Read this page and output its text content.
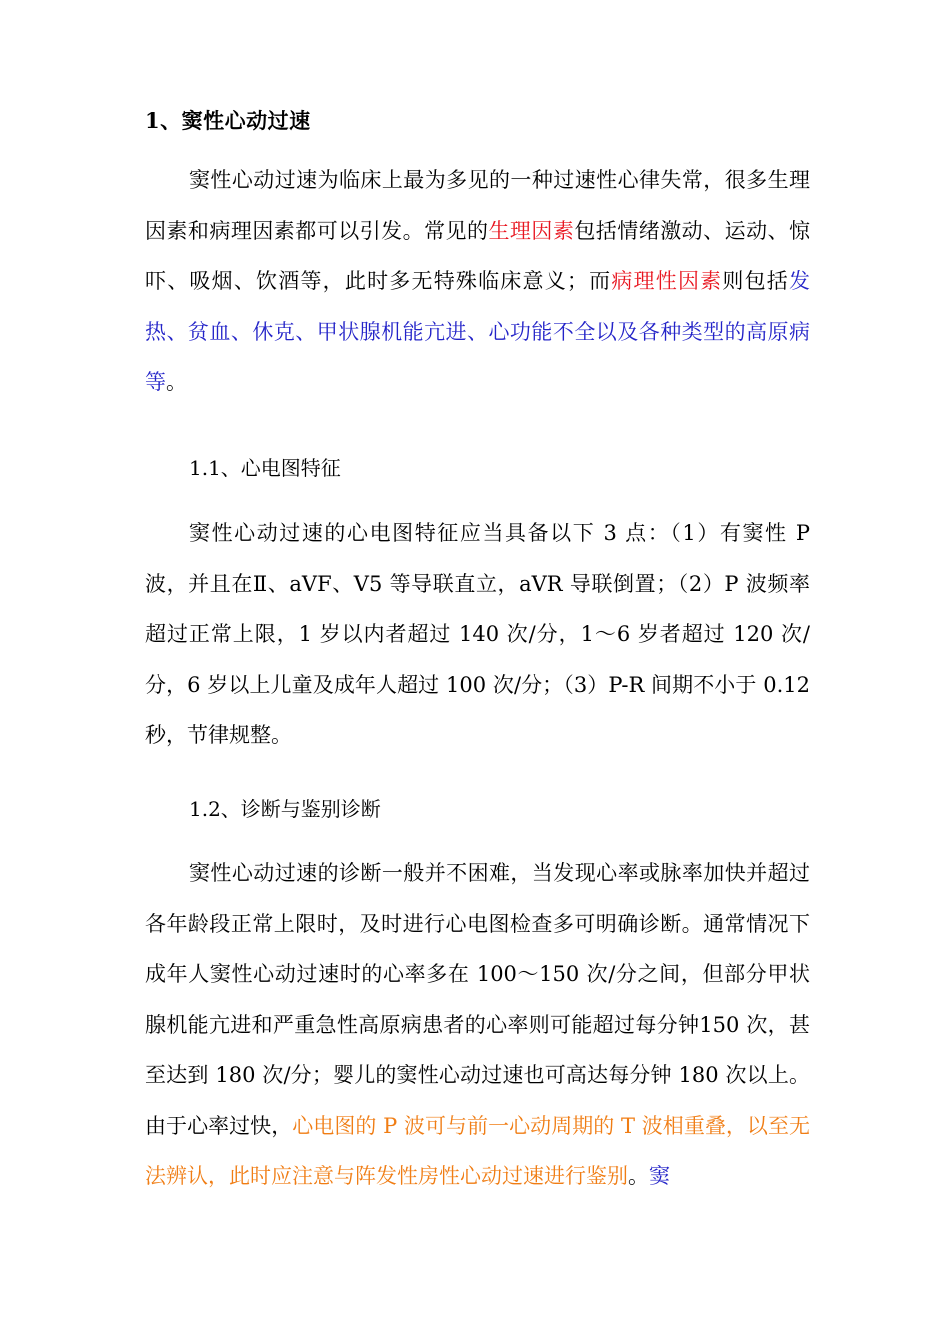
1、窦性心动过速

窦性心动过速为临床上最为多见的一种过速性心律失常，很多生理因素和病理因素都可以引发。常见的生理因素包括情绪激动、运动、惊吓、吸烟、饮酒等，此时多无特殊临床意义；而病理性因素则包括发热、贫血、休克、甲状腺机能亢进、心功能不全以及各种类型的高原病等。

1.1、心电图特征

窦性心动过速的心电图特征应当具备以下 3 点：（1）有窦性 P 波，并且在Ⅱ、aVF、V5 等导联直立，aVR 导联倒置；（2）P 波频率超过正常上限，1 岁以内者超过 140 次/分，1～6 岁者超过 120 次/分，6 岁以上儿童及成年人超过 100 次/分；（3）P-R 间期不小于 0.12 秒，节律规整。

1.2、诊断与鉴别诊断

窦性心动过速的诊断一般并不困难，当发现心率或脉率加快并超过各年龄段正常上限时，及时进行心电图检查多可明确诊断。通常情况下成年人窦性心动过速时的心率多在 100～150 次/分之间，但部分甲状腺机能亢进和严重急性高原病患者的心率则可能超过每分钟150 次，甚至达到 180 次/分；婴儿的窦性心动过速也可高达每分钟 180 次以上。由于心率过快，心电图的 P 波可与前一心动周期的 T 波相重叠，以至无法辨认，此时应注意与阵发性房性心动过速进行鉴别。窦
